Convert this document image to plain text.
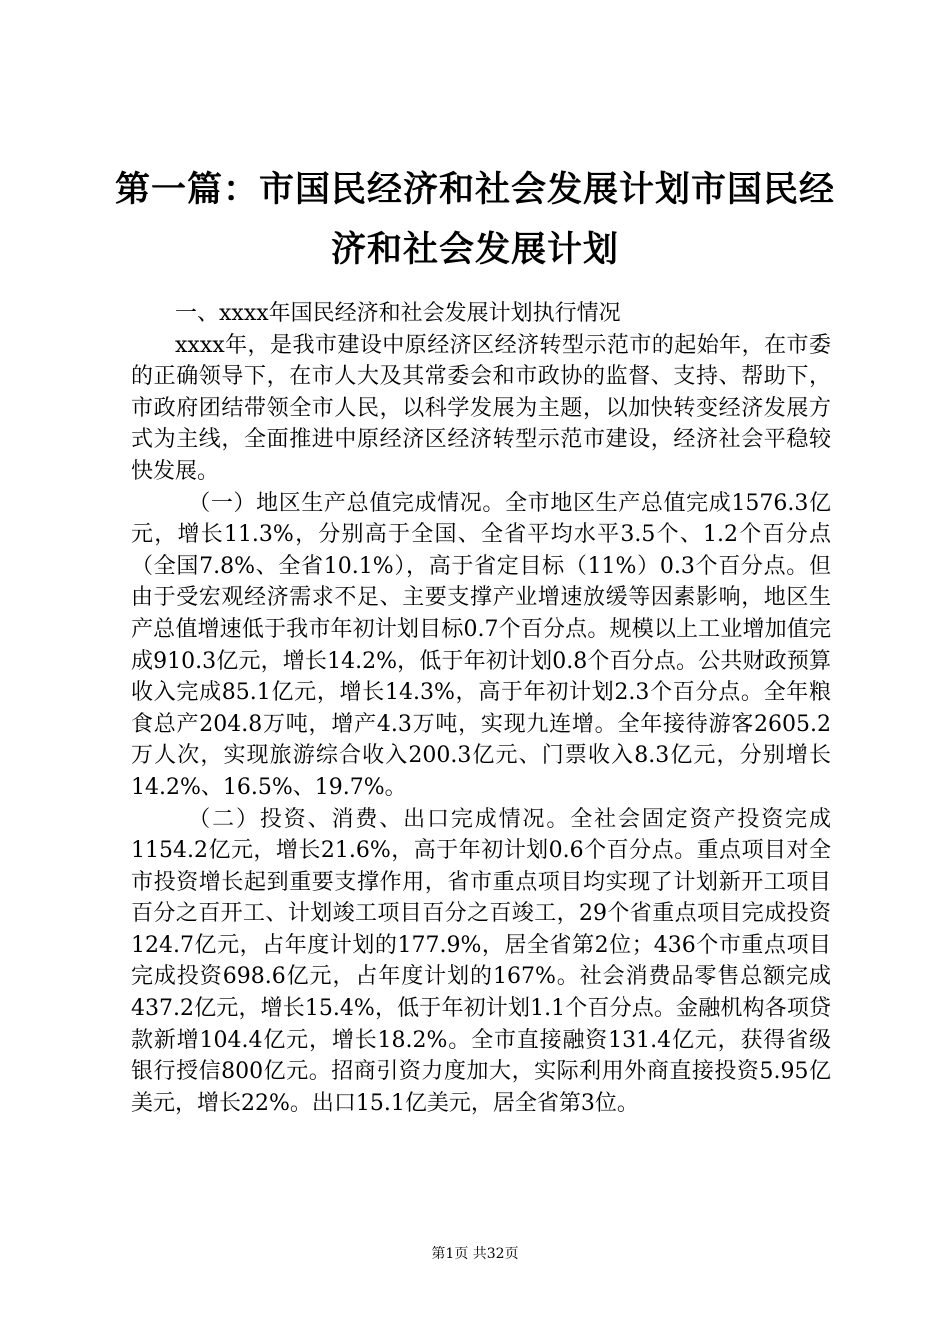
第一篇：市国民经济和社会发展计划市国民经
济和社会发展计划

一、xxxx年国民经济和社会发展计划执行情况

xxxx年，是我市建设中原经济区经济转型示范市的起始年，在市委的正确领导下，在市人大及其常委会和市政协的监督、支持、帮助下，市政府团结带领全市人民，以科学发展为主题，以加快转变经济发展方式为主线，全面推进中原经济区经济转型示范市建设，经济社会平稳较快发展。

（一）地区生产总值完成情况。全市地区生产总值完成1576.3亿元，增长11.3%，分别高于全国、全省平均水平3.5个、1.2个百分点（全国7.8%、全省10.1%），高于省定目标（11%）0.3个百分点。但由于受宏观经济需求不足、主要支撑产业增速放缓等因素影响，地区生产总值增速低于我市年初计划目标0.7个百分点。规模以上工业增加值完成910.3亿元，增长14.2%，低于年初计划0.8个百分点。公共财政预算收入完成85.1亿元，增长14.3%，高于年初计划2.3个百分点。全年粮食总产204.8万吨，增产4.3万吨，实现九连增。全年接待游客2605.2万人次，实现旅游综合收入200.3亿元、门票收入8.3亿元，分别增长14.2%、16.5%、19.7%。

（二）投资、消费、出口完成情况。全社会固定资产投资完成1154.2亿元，增长21.6%，高于年初计划0.6个百分点。重点项目对全市投资增长起到重要支撑作用，省市重点项目均实现了计划新开工项目百分之百开工、计划竣工项目百分之百竣工，29个省重点项目完成投资124.7亿元，占年度计划的177.9%，居全省第2位；436个市重点项目完成投资698.6亿元，占年度计划的167%。社会消费品零售总额完成437.2亿元，增长15.4%，低于年初计划1.1个百分点。金融机构各项贷款新增104.4亿元，增长18.2%。全市直接融资131.4亿元，获得省级银行授信800亿元。招商引资力度加大，实际利用外商直接投资5.95亿美元，增长22%。出口15.1亿美元，居全省第3位。

第1页 共32页
